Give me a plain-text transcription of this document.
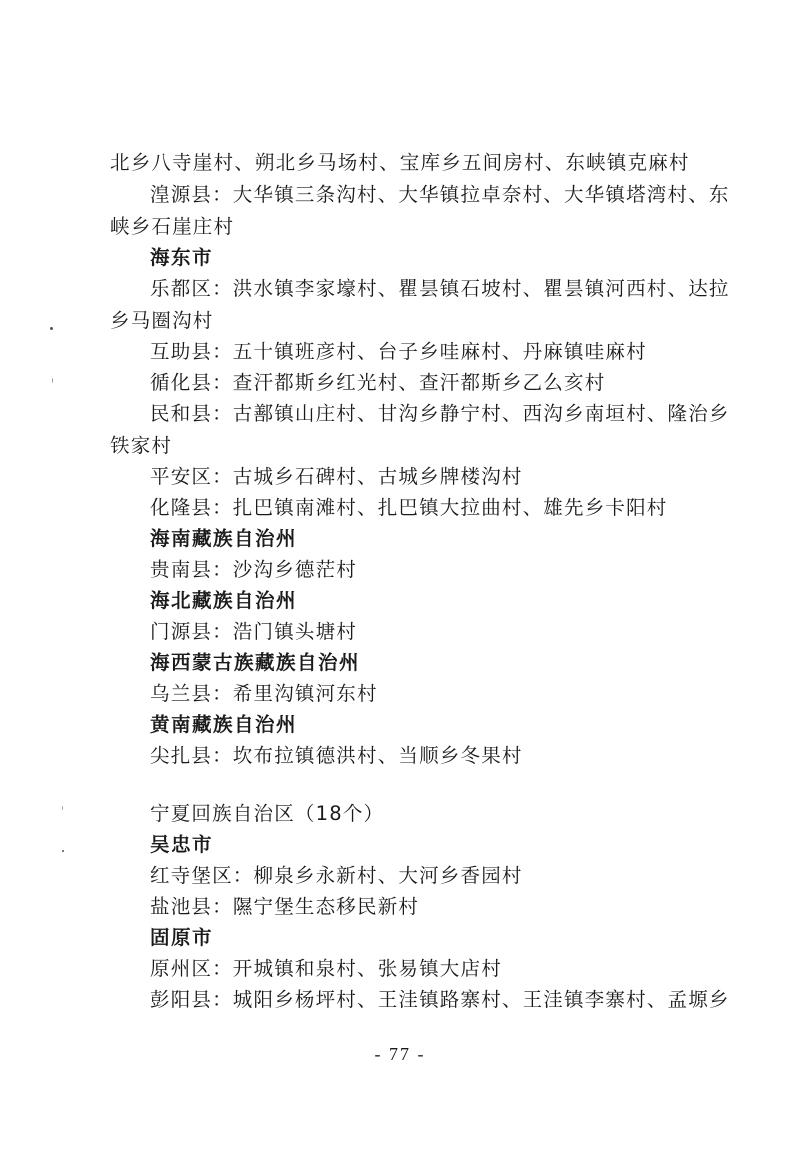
北乡八寺崖村、朔北乡马场村、宝库乡五间房村、东峡镇克麻村
湟源县：大华镇三条沟村、大华镇拉卓奈村、大华镇塔湾村、东
峡乡石崖庄村
海东市
乐都区：洪水镇李家壕村、瞿昙镇石坡村、瞿昙镇河西村、达拉
乡马圈沟村
互助县：五十镇班彦村、台子乡哇麻村、丹麻镇哇麻村
循化县：查汗都斯乡红光村、查汗都斯乡乙么亥村
民和县：古鄯镇山庄村、甘沟乡静宁村、西沟乡南垣村、隆治乡
铁家村
平安区：古城乡石碑村、古城乡牌楼沟村
化隆县：扎巴镇南滩村、扎巴镇大拉曲村、雄先乡卡阳村
海南藏族自治州
贵南县：沙沟乡德茫村
海北藏族自治州
门源县：浩门镇头塘村
海西蒙古族藏族自治州
乌兰县：希里沟镇河东村
黄南藏族自治州
尖扎县：坎布拉镇德洪村、当顺乡冬果村
宁夏回族自治区（18个）
吴忠市
红寺堡区：柳泉乡永新村、大河乡香园村
盐池县：隰宁堡生态移民新村
固原市
原州区：开城镇和泉村、张易镇大店村
彭阳县：城阳乡杨坪村、王洼镇路寨村、王洼镇李寨村、孟塬乡
- 77 -
